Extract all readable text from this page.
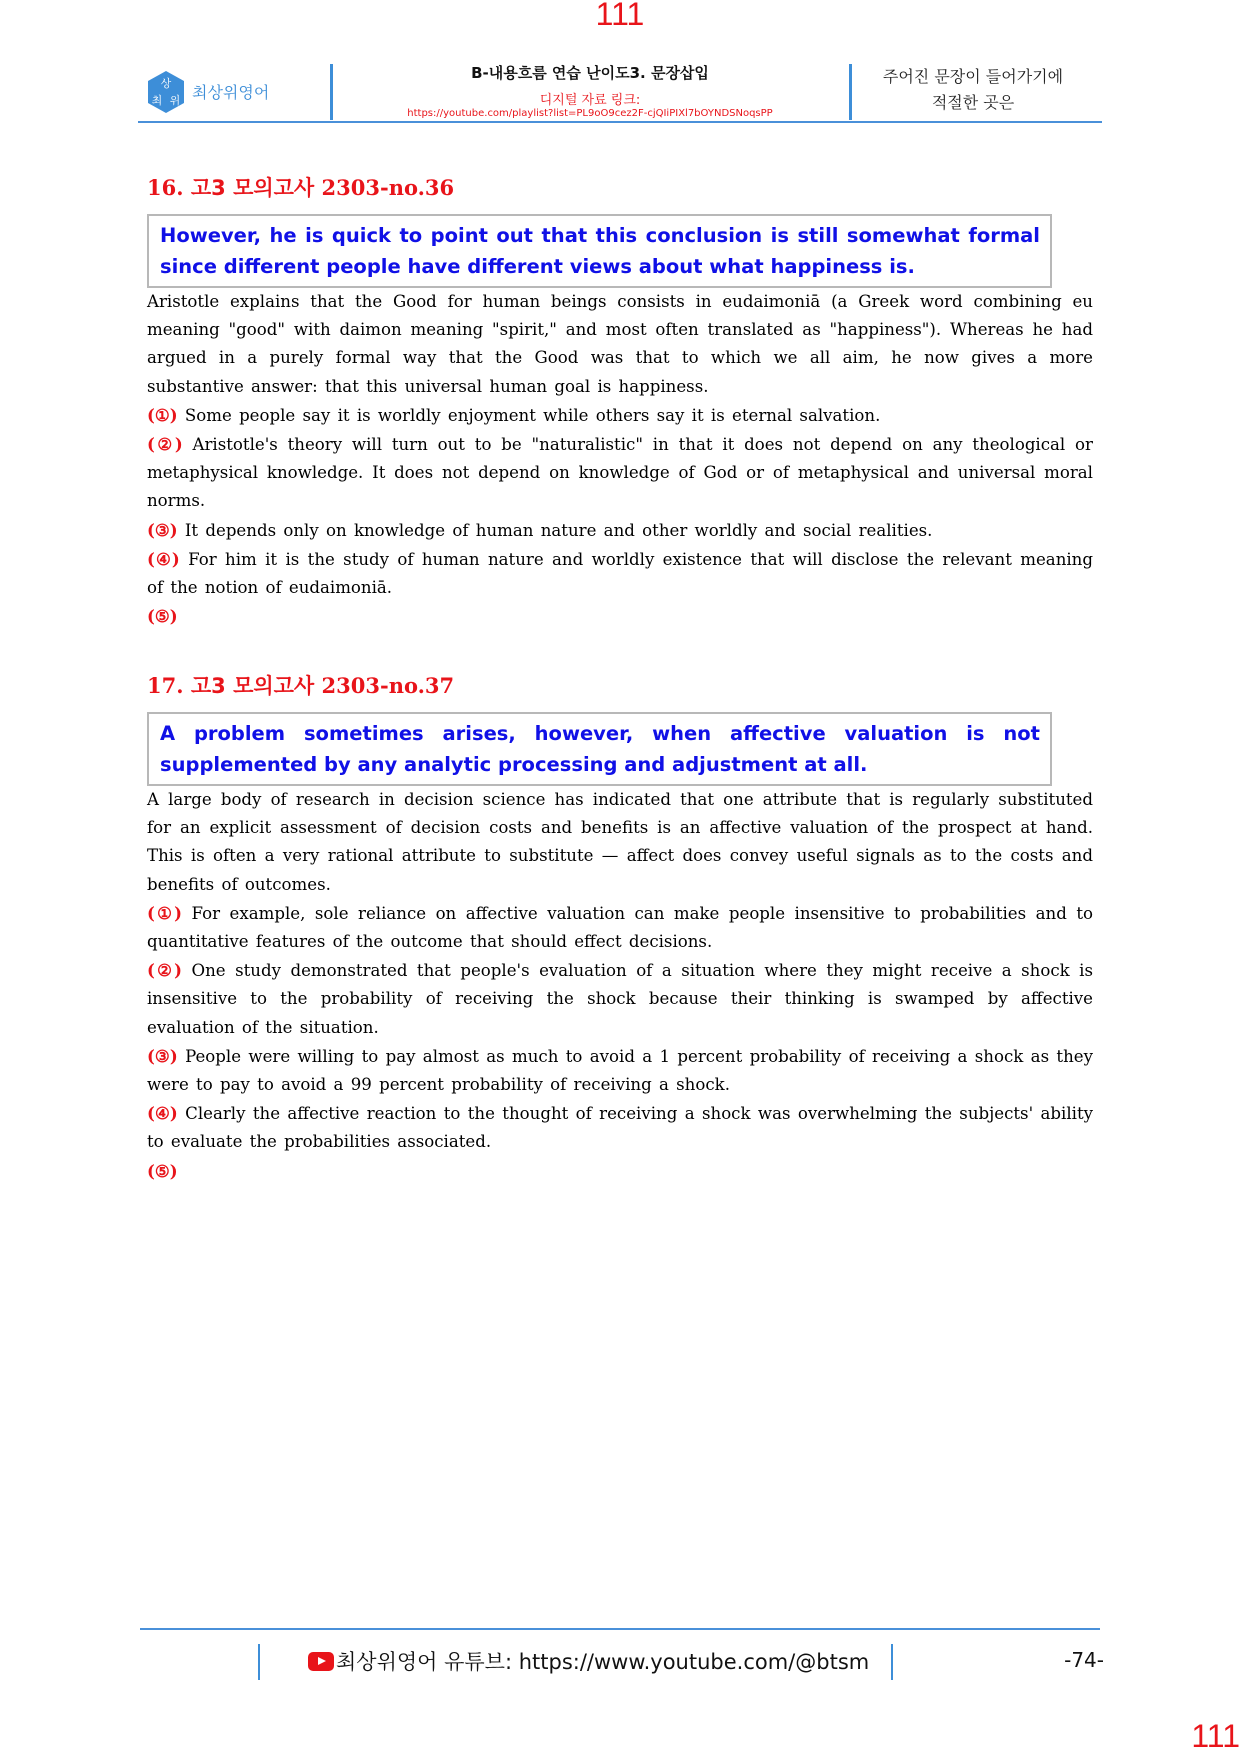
111
상
최 위 최상위영어
B-내용흐름 연습 난이도3. 문장삽입
디지털 자료 링크:
https://youtube.com/playlist?list=PL9oO9cez2F-cjQIiPIXl7bOYNDSNoqsPP
주어진 문장이 들어가기에
적절한 곳은
16. 고3 모의고사 2303-no.36
However, he is quick to point out that this conclusion is still somewhat formal since different people have different views about what happiness is.

Aristotle explains that the Good for human beings consists in eudaimoniā (a Greek word combining eu meaning "good" with daimon meaning "spirit," and most often translated as "happiness"). Whereas he had argued in a purely formal way that the Good was that to which we all aim, he now gives a more substantive answer: that this universal human goal is happiness.

(①) Some people say it is worldly enjoyment while others say it is eternal salvation.

(②) Aristotle's theory will turn out to be "naturalistic" in that it does not depend on any theological or metaphysical knowledge. It does not depend on knowledge of God or of metaphysical and universal moral norms.

(③) It depends only on knowledge of human nature and other worldly and social realities.

(④) For him it is the study of human nature and worldly existence that will disclose the relevant meaning of the notion of eudaimoniā.

(⑤)

17. 고3 모의고사 2303-no.37
A problem sometimes arises, however, when affective valuation is not supplemented by any analytic processing and adjustment at all.

A large body of research in decision science has indicated that one attribute that is regularly substituted for an explicit assessment of decision costs and benefits is an affective valuation of the prospect at hand. This is often a very rational attribute to substitute — affect does convey useful signals as to the costs and benefits of outcomes.

(①) For example, sole reliance on affective valuation can make people insensitive to probabilities and to quantitative features of the outcome that should effect decisions.

(②) One study demonstrated that people's evaluation of a situation where they might receive a shock is insensitive to the probability of receiving the shock because their thinking is swamped by affective evaluation of the situation.

(③) People were willing to pay almost as much to avoid a 1 percent probability of receiving a shock as they were to pay to avoid a 99 percent probability of receiving a shock.

(④) Clearly the affective reaction to the thought of receiving a shock was overwhelming the subjects' ability to evaluate the probabilities associated.

(⑤)

최상위영어 유튜브: https://www.youtube.com/@btsm	-74-
111
